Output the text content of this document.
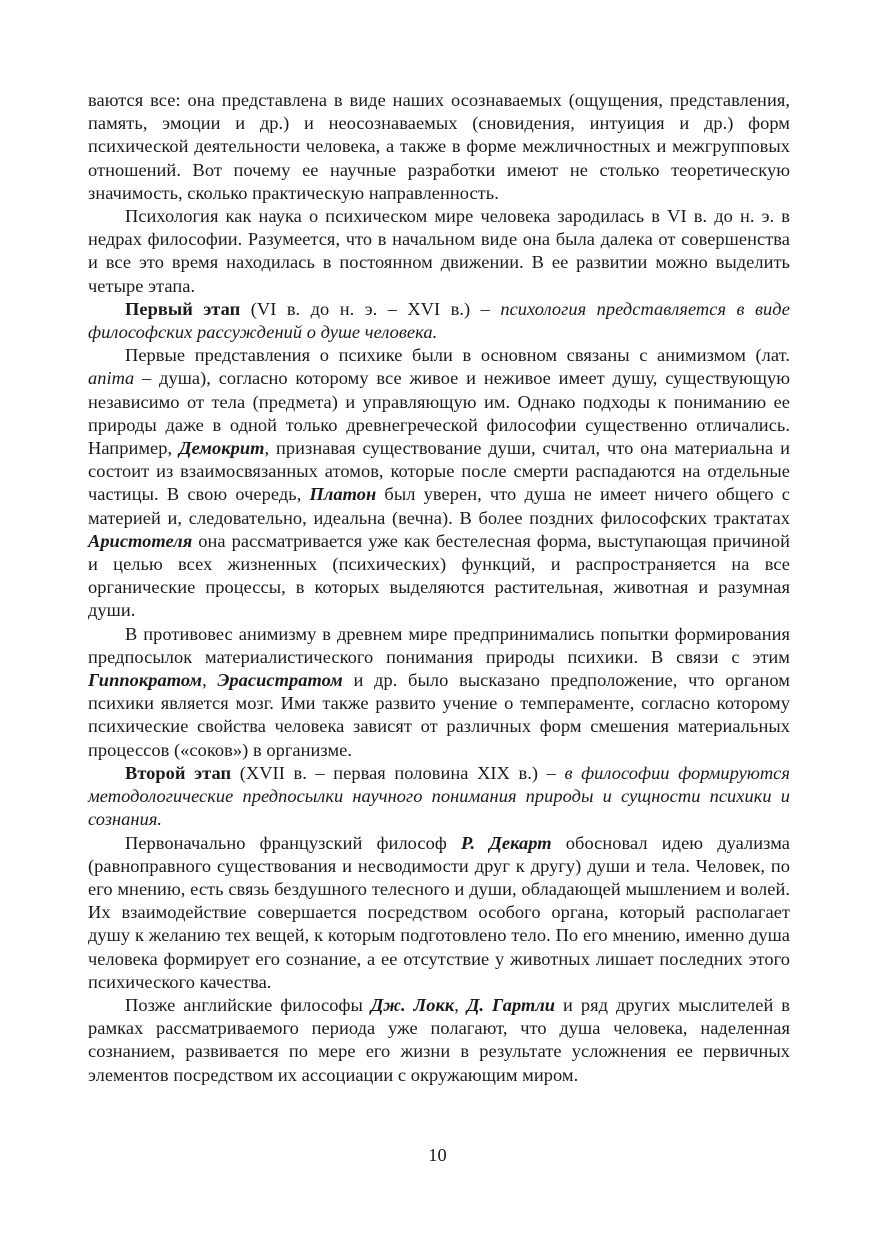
ваются все: она представлена в виде наших осознаваемых (ощущения, представления, память, эмоции и др.) и неосознаваемых (сновидения, интуиция и др.) форм психической деятельности человека, а также в форме межличностных и межгрупповых отношений. Вот почему ее научные разработки имеют не столько теоретическую значимость, сколько практическую направленность.

Психология как наука о психическом мире человека зародилась в VI в. до н. э. в недрах философии. Разумеется, что в начальном виде она была далека от совершенства и все это время находилась в постоянном движении. В ее развитии можно выделить четыре этапа.

Первый этап (VI в. до н. э. – XVI в.) – психология представляется в виде философских рассуждений о душе человека.

Первые представления о психике были в основном связаны с анимизмом (лат. anima – душа), согласно которому все живое и неживое имеет душу, существующую независимо от тела (предмета) и управляющую им. Однако подходы к пониманию ее природы даже в одной только древнегреческой философии существенно отличались. Например, Демокрит, признавая существование души, считал, что она материальна и состоит из взаимосвязанных атомов, которые после смерти распадаются на отдельные частицы. В свою очередь, Платон был уверен, что душа не имеет ничего общего с материей и, следовательно, идеальна (вечна). В более поздних философских трактатах Аристотеля она рассматривается уже как бестелесная форма, выступающая причиной и целью всех жизненных (психических) функций, и распространяется на все органические процессы, в которых выделяются растительная, животная и разумная души.

В противовес анимизму в древнем мире предпринимались попытки формирования предпосылок материалистического понимания природы психики. В связи с этим Гиппократом, Эрасистратом и др. было высказано предположение, что органом психики является мозг. Ими также развито учение о темпераменте, согласно которому психические свойства человека зависят от различных форм смешения материальных процессов («соков») в организме.

Второй этап (XVII в. – первая половина XIX в.) – в философии формируются методологические предпосылки научного понимания природы и сущности психики и сознания.

Первоначально французский философ Р. Декарт обосновал идею дуализма (равноправного существования и несводимости друг к другу) души и тела. Человек, по его мнению, есть связь бездушного телесного и души, обладающей мышлением и волей. Их взаимодействие совершается посредством особого органа, который располагает душу к желанию тех вещей, к которым подготовлено тело. По его мнению, именно душа человека формирует его сознание, а ее отсутствие у животных лишает последних этого психического качества.

Позже английские философы Дж. Локк, Д. Гартли и ряд других мыслителей в рамках рассматриваемого периода уже полагают, что душа человека, наделенная сознанием, развивается по мере его жизни в результате усложнения ее первичных элементов посредством их ассоциации с окружающим миром.

10
